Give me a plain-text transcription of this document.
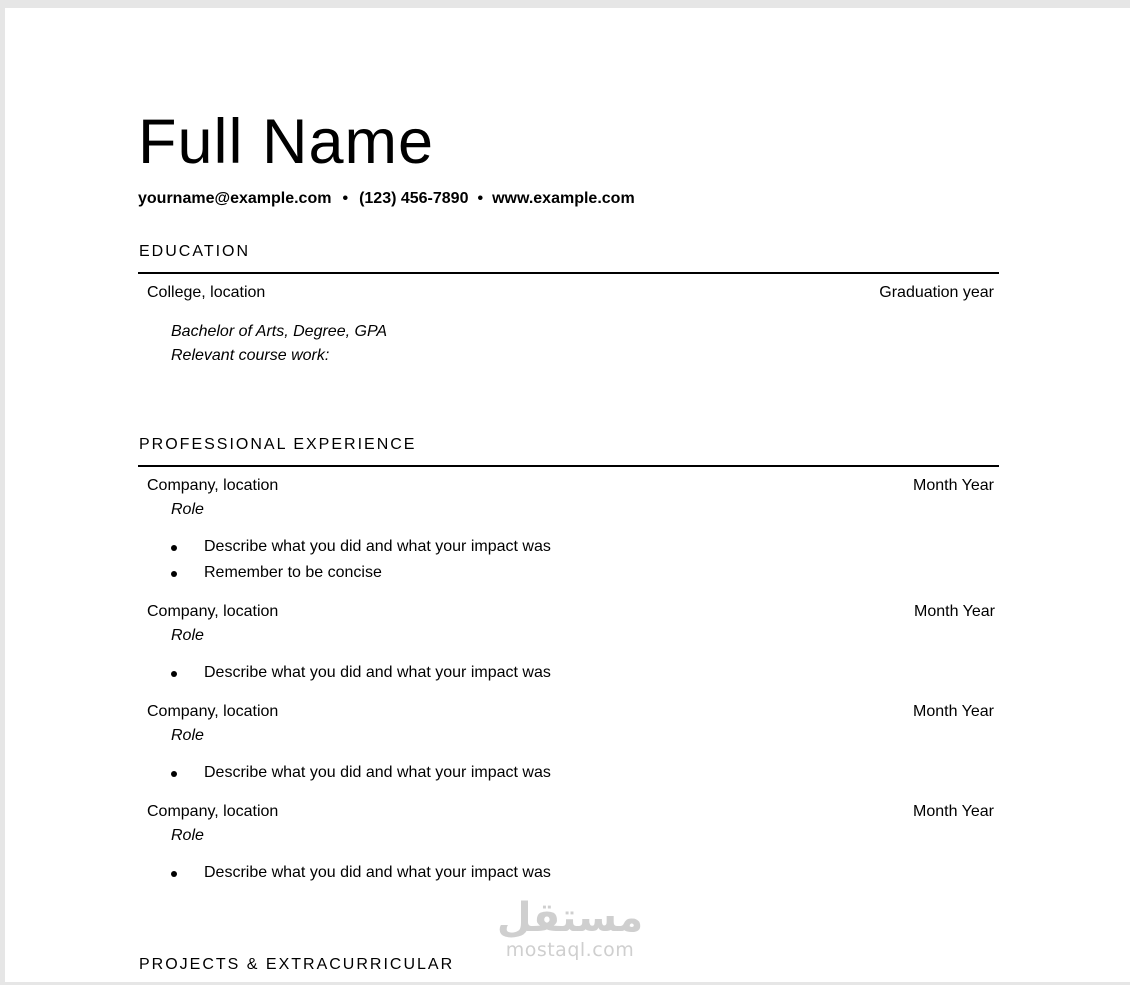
Full Name
yourname@example.com • (123) 456-7890 • www.example.com
EDUCATION
College, location	Graduation year
Bachelor of Arts, Degree, GPA
Relevant course work:
PROFESSIONAL EXPERIENCE
Company, location	Month Year
Role
Describe what you did and what your impact was
Remember to be concise
Company, location	Month Year
Role
Describe what you did and what your impact was
Company, location	Month Year
Role
Describe what you did and what your impact was
Company, location	Month Year
Role
Describe what you did and what your impact was
PROJECTS & EXTRACURRICULAR
مستقل
mostaql.com
